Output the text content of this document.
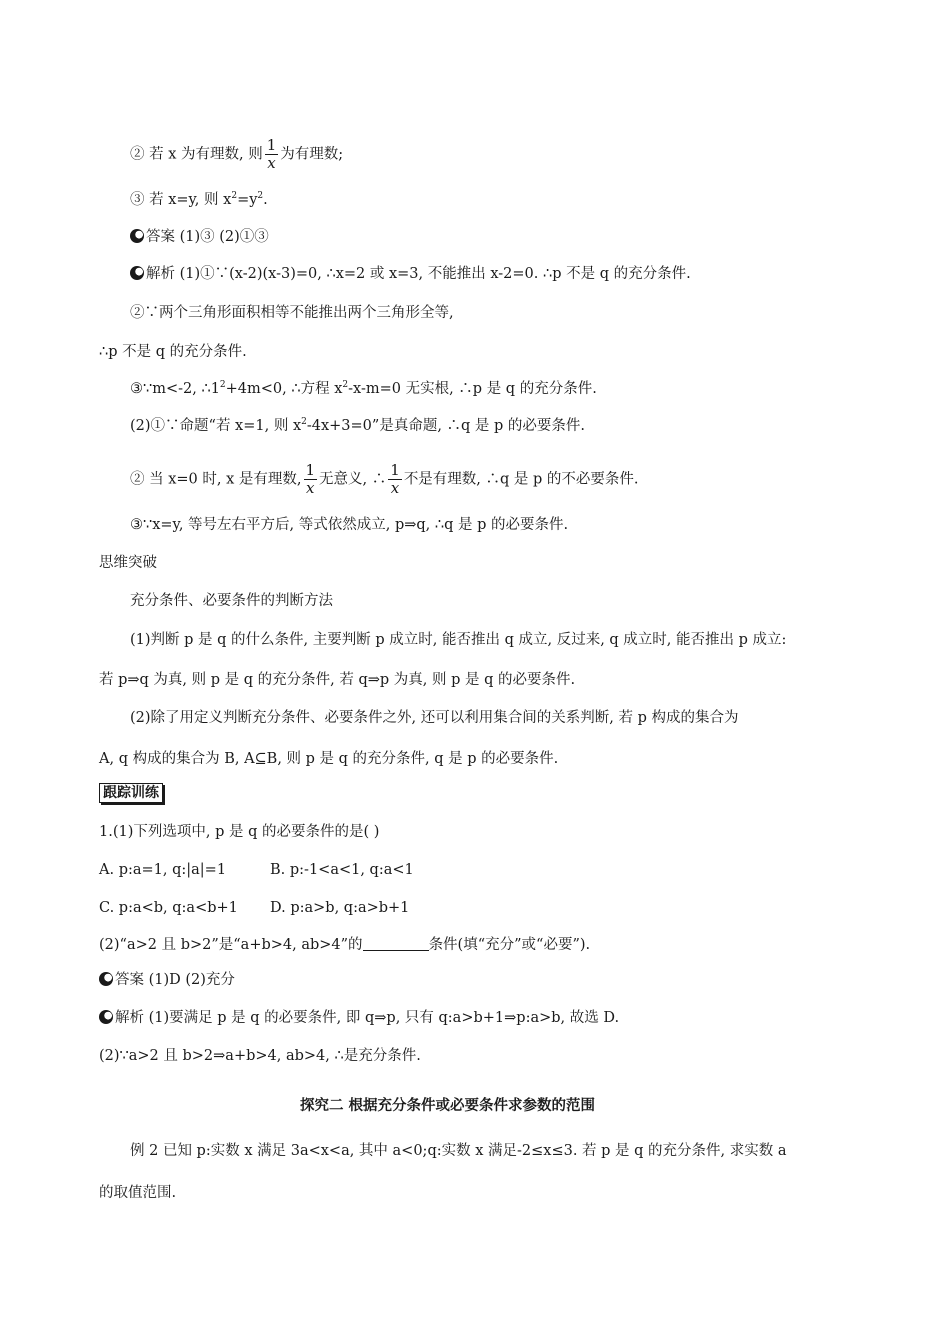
② 若 x 为有理数, 则 $\frac{1}{x}$ 为有理数;
③ 若 x=y, 则 $x^2=y^2$.
答案 (1)③ (2)①③
解析 (1)①∵(x-2)(x-3)=0, ∴x=2 或 x=3, 不能推出 x-2=0. ∴p 不是 q 的充分条件.
②∵两个三角形面积相等不能推出两个三角形全等,
∴p 不是 q 的充分条件.
③∵m<-2, $\therefore 1^2+4m<0$, ∴方程 $x^2-x-m=0$ 无实根, ∴p 是 q 的充分条件.
(2)①∵命题“若 x=1, 则 $x^2-4x+3=0$”是真命题, ∴q 是 p 的必要条件.
② 当 x=0 时, x 是有理数, $\frac{1}{x}$ 无意义, ∴ $\frac{1}{x}$ 不是有理数, ∴q 是 p 的不必要条件.
③∵x=y, 等号左右平方后, 等式依然成立, p⇒q, ∴q 是 p 的必要条件.
思维突破
充分条件、必要条件的判断方法
(1)判断 p 是 q 的什么条件, 主要判断 p 成立时, 能否推出 q 成立, 反过来, q 成立时, 能否推出 p 成立:
若 p⇒q 为真, 则 p 是 q 的充分条件, 若 q⇒p 为真, 则 p 是 q 的必要条件.
(2)除了用定义判断充分条件、必要条件之外, 还可以利用集合间的关系判断, 若 p 构成的集合为
A, q 构成的集合为 B, A⊆B, 则 p 是 q 的充分条件, q 是 p 的必要条件.
跟踪训练
1.(1)下列选项中, p 是 q 的必要条件的是( )
A. p:a=1, q:|a|=1	B. p:-1<a<1, q:a<1
C. p:a<b, q:a<b+1 D. p:a>b, q:a>b+1
(2)“a>2 且 b>2”是“a+b>4, ab>4”的	条件(填“充分”或“必要”).
答案 (1)D (2)充分
解析 (1)要满足 p 是 q 的必要条件, 即 q⇒p, 只有 q:a>b+1⇒p:a>b, 故选 D.
(2)∵a>2 且 b>2⇒a+b>4, ab>4, ∴是充分条件.
探究二 根据充分条件或必要条件求参数的范围
例 2 已知 p:实数 x 满足 3a<x<a, 其中 a<0;q:实数 x 满足-2≤x≤3. 若 p 是 q 的充分条件, 求实数 a
的取值范围.
